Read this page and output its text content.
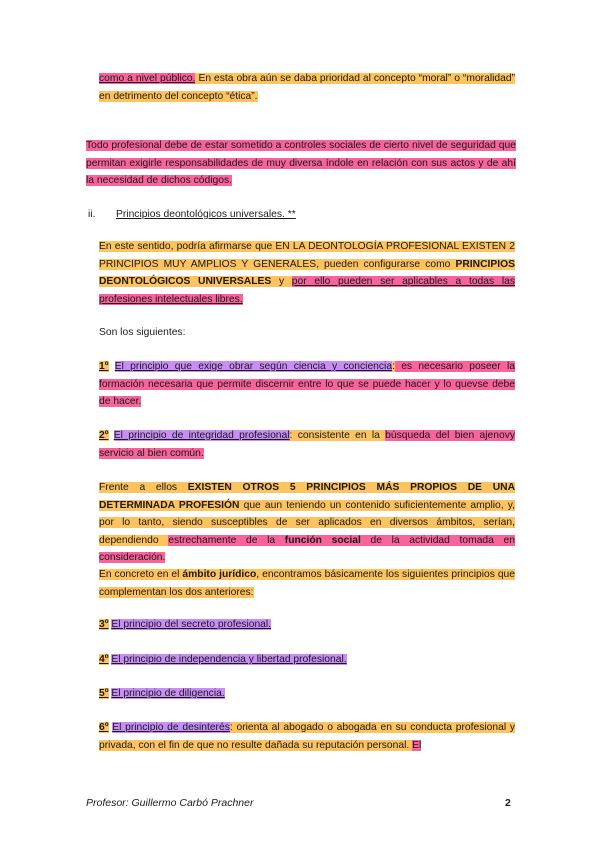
como a nivel público. En esta obra aún se daba prioridad al concepto “moral” o “moralidad” en detrimento del concepto “ética”.

Todo profesional debe de estar sometido a controles sociales de cierto nivel de seguridad que permitan exigirle responsabilidades de muy diversa índole en relación con sus actos y de ahí la necesidad de dichos códigos.

ii. Principios deontológicos universales. **

En este sentido, podría afirmarse que EN LA DEONTOLOGÍA PROFESIONAL EXISTEN 2 PRINCIPIOS MUY AMPLIOS Y GENERALES, pueden configurarse como PRINCIPIOS DEONTOLÓGICOS UNIVERSALES y por ello pueden ser aplicables a todas las profesiones intelectuales libres.

Son los siguientes:

1º El principio que exige obrar según ciencia y conciencia: es necesario poseer la formación necesaria que permite discernir entre lo que se puede hacer y lo quevse debe de hacer.

2º El principio de integridad profesional: consistente en la búsqueda del bien ajenovy servicio al bien común.

Frente a ellos EXISTEN OTROS 5 PRINCIPIOS MÁS PROPIOS DE UNA DETERMINADA PROFESIÓN que aun teniendo un contenido suficientemente amplio, y, por lo tanto, siendo susceptibles de ser aplicados en diversos ámbitos, serían, dependiendo estrechamente de la función social de la actividad tomada en consideración.

En concreto en el ámbito jurídico, encontramos básicamente los siguientes principios que complementan los dos anteriores:

3º El principio del secreto profesional.

4º El principio de independencia y libertad profesional.

5º El principio de diligencia.

6º El principio de desinterés: orienta al abogado o abogada en su conducta profesional y privada, con el fin de que no resulte dañada su reputación personal. El

Profesor: Guillermo Carbó Prachner	2
